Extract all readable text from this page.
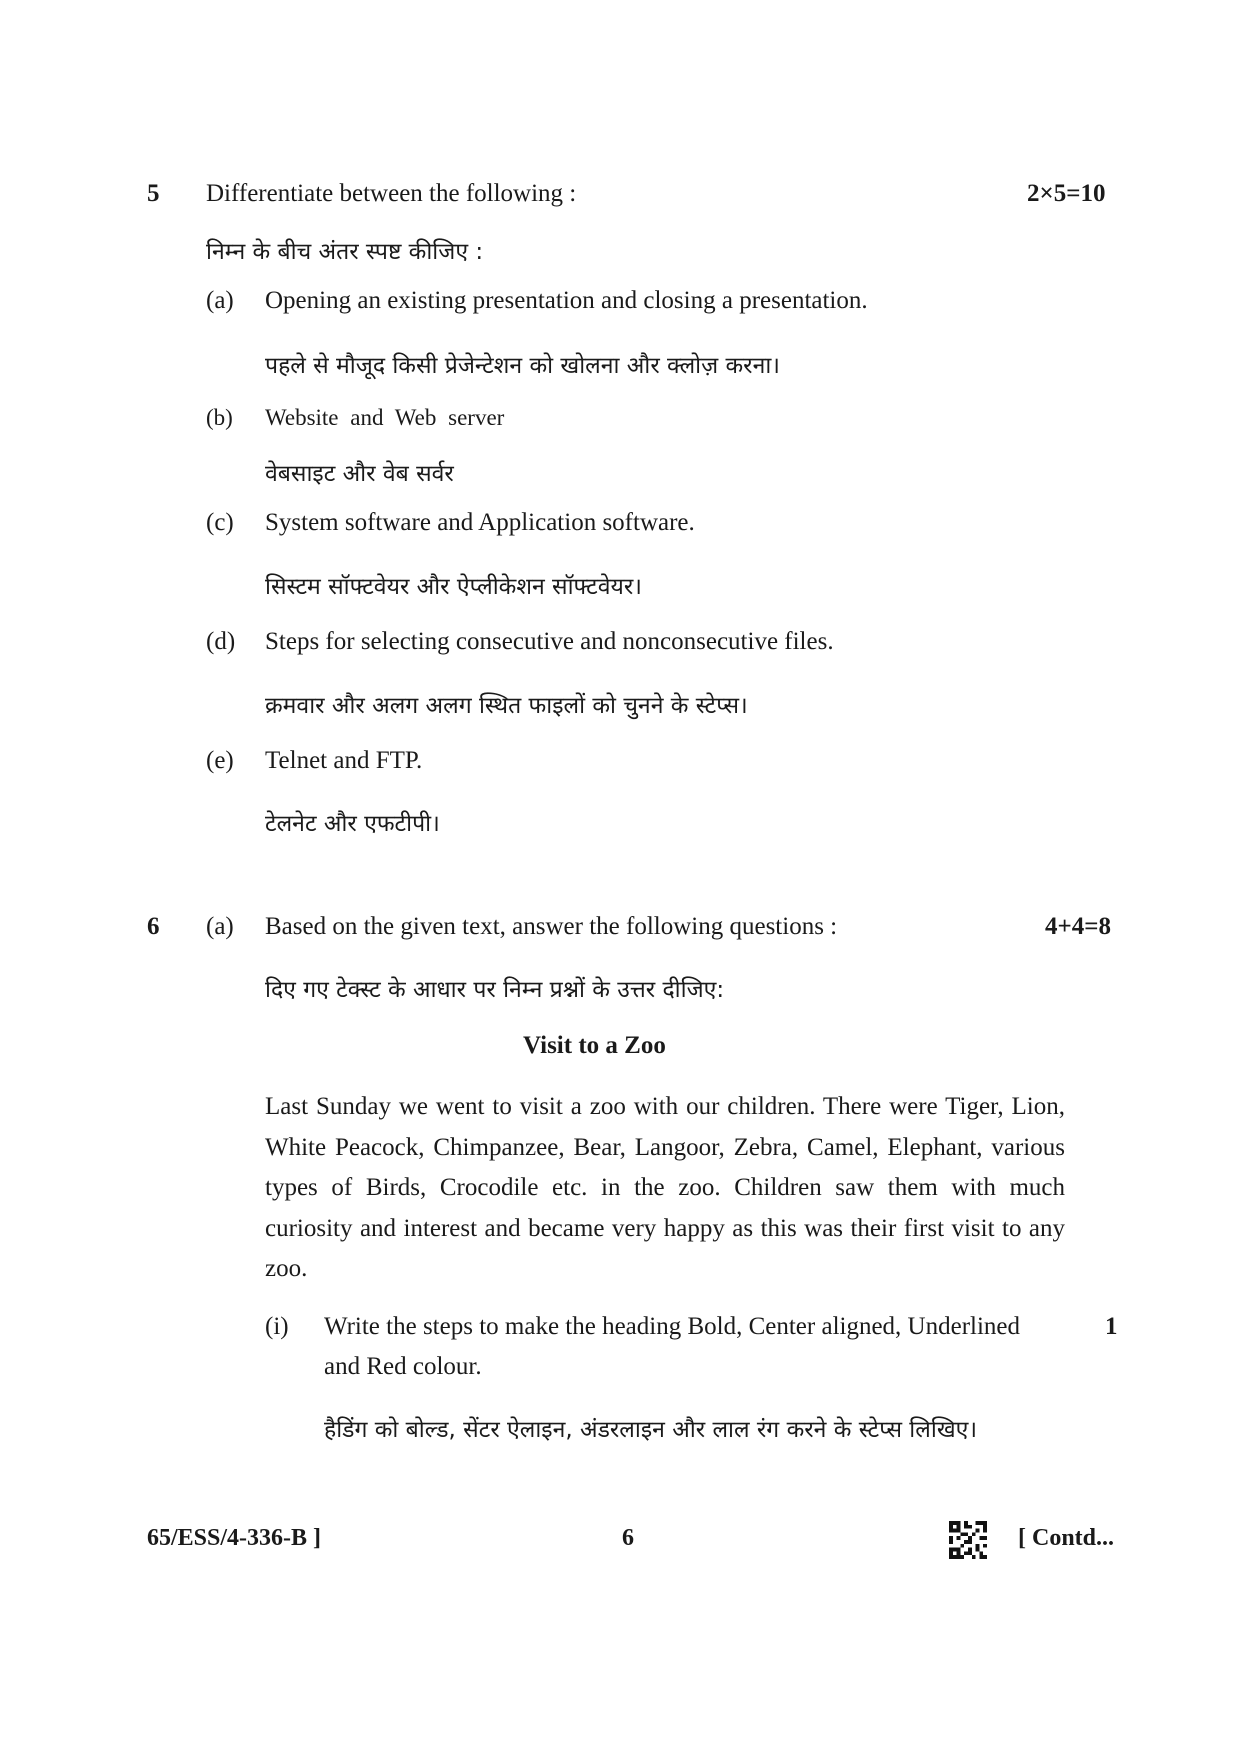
5 Differentiate between the following :	2×5=10
निम्न के बीच अंतर स्पष्ट कीजिए :
(a) Opening an existing presentation and closing a presentation.
पहले से मौजूद किसी प्रेजेन्टेशन को खोलना और क्लोज़ करना।
(b) Website and Web server
वेबसाइट और वेब सर्वर
(c) System software and Application software.
सिस्टम सॉफ्टवेयर और ऐप्लीकेशन सॉफ्टवेयर।
(d) Steps for selecting consecutive and nonconsecutive files.
क्रमवार और अलग अलग स्थित फाइलों को चुनने के स्टेप्स।
(e) Telnet and FTP.
टेलनेट और एफटीपी।
6 (a) Based on the given text, answer the following questions :	4+4=8
दिए गए टेक्स्ट के आधार पर निम्न प्रश्नों के उत्तर दीजिए:
Visit to a Zoo
Last Sunday we went to visit a zoo with our children. There were Tiger, Lion, White Peacock, Chimpanzee, Bear, Langoor, Zebra, Camel, Elephant, various types of Birds, Crocodile etc. in the zoo. Children saw them with much curiosity and interest and became very happy as this was their first visit to any zoo.
(i) Write the steps to make the heading Bold, Center aligned, Underlined	1
and Red colour.
हैडिंग को बोल्ड, सेंटर ऐलाइन, अंडरलाइन और लाल रंग करने के स्टेप्स लिखिए।
65/ESS/4-336-B ]	6	[ Contd...
